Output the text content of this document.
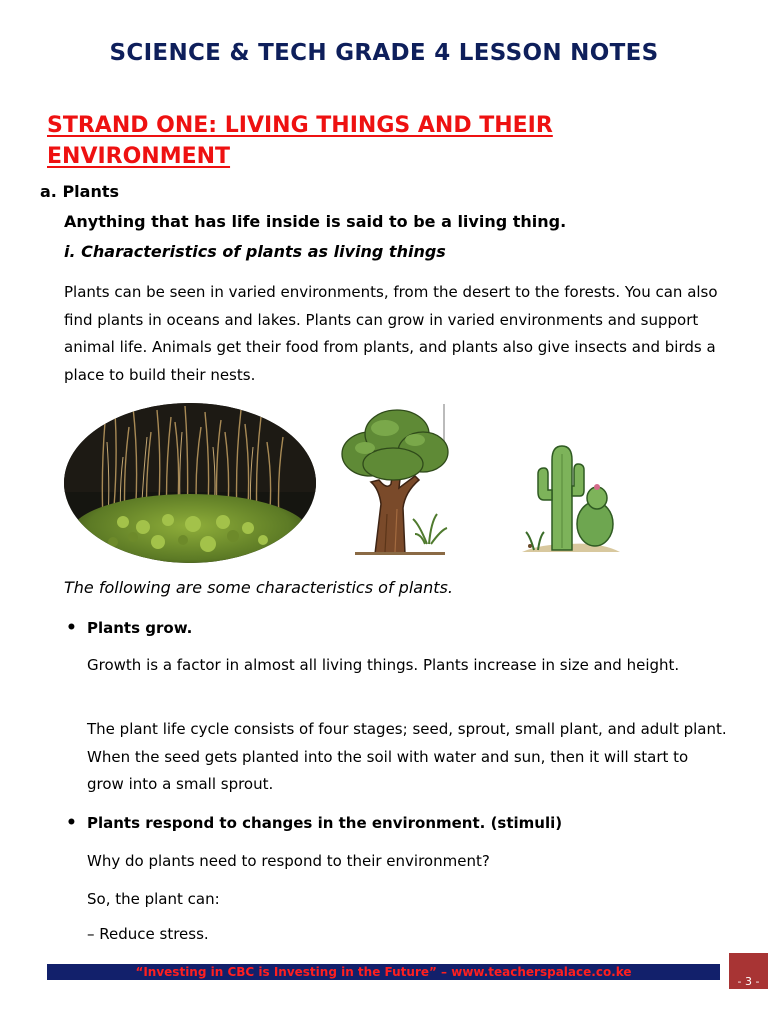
SCIENCE & TECH GRADE 4 LESSON NOTES
STRAND ONE: LIVING THINGS AND THEIR
ENVIRONMENT
a. Plants
Anything that has life inside is said to be a living thing.
i. Characteristics of plants as living things
Plants can be seen in varied environments, from the desert to the forests. You can also find plants in oceans and lakes. Plants can grow in varied environments and support animal life. Animals get their food from plants, and plants also give insects and birds a place to build their nests.
The following are some characteristics of plants.
• Plants grow.
Growth is a factor in almost all living things. Plants increase in size and height.
The plant life cycle consists of four stages; seed, sprout, small plant, and adult plant. When the seed gets planted into the soil with water and sun, then it will start to grow into a small sprout.
• Plants respond to changes in the environment. (stimuli)
Why do plants need to respond to their environment?
So, the plant can:
– Reduce stress.
“Investing in CBC is Investing in the Future” – www.teacherspalace.co.ke
- 3 -
